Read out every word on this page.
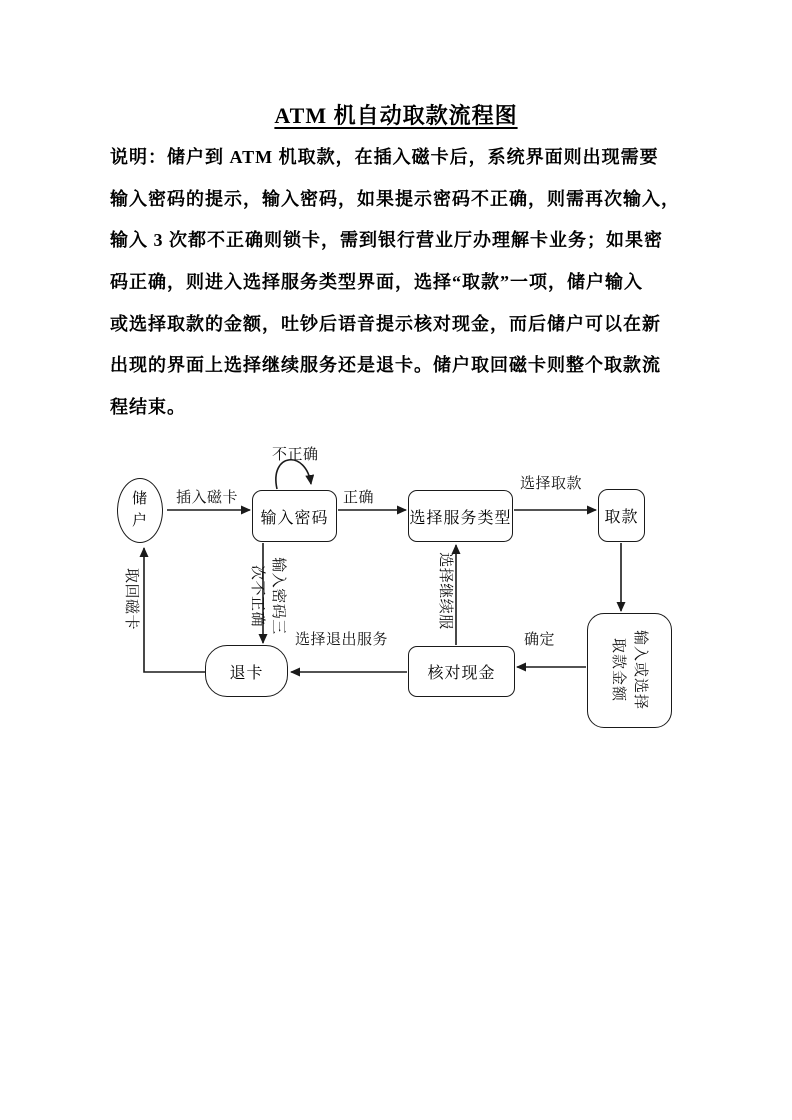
ATM 机自动取款流程图
说明：储户到 ATM 机取款，在插入磁卡后，系统界面则出现需要
输入密码的提示，输入密码，如果提示密码不正确，则需再次输入，
输入 3 次都不正确则锁卡，需到银行营业厅办理解卡业务；如果密
码正确，则进入选择服务类型界面，选择“取款”一项，储户输入
或选择取款的金额，吐钞后语音提示核对现金，而后储户可以在新
出现的界面上选择继续服务还是退卡。储户取回磁卡则整个取款流
程结束。
储户	输入密码	选择服务类型	取款
输入或选择
取款金额
核对现金
退卡
插入磁卡
不正确
正确
选择取款
确定
选择退出服务
取回磁卡	选择继续服
输入密码三
次不正确
